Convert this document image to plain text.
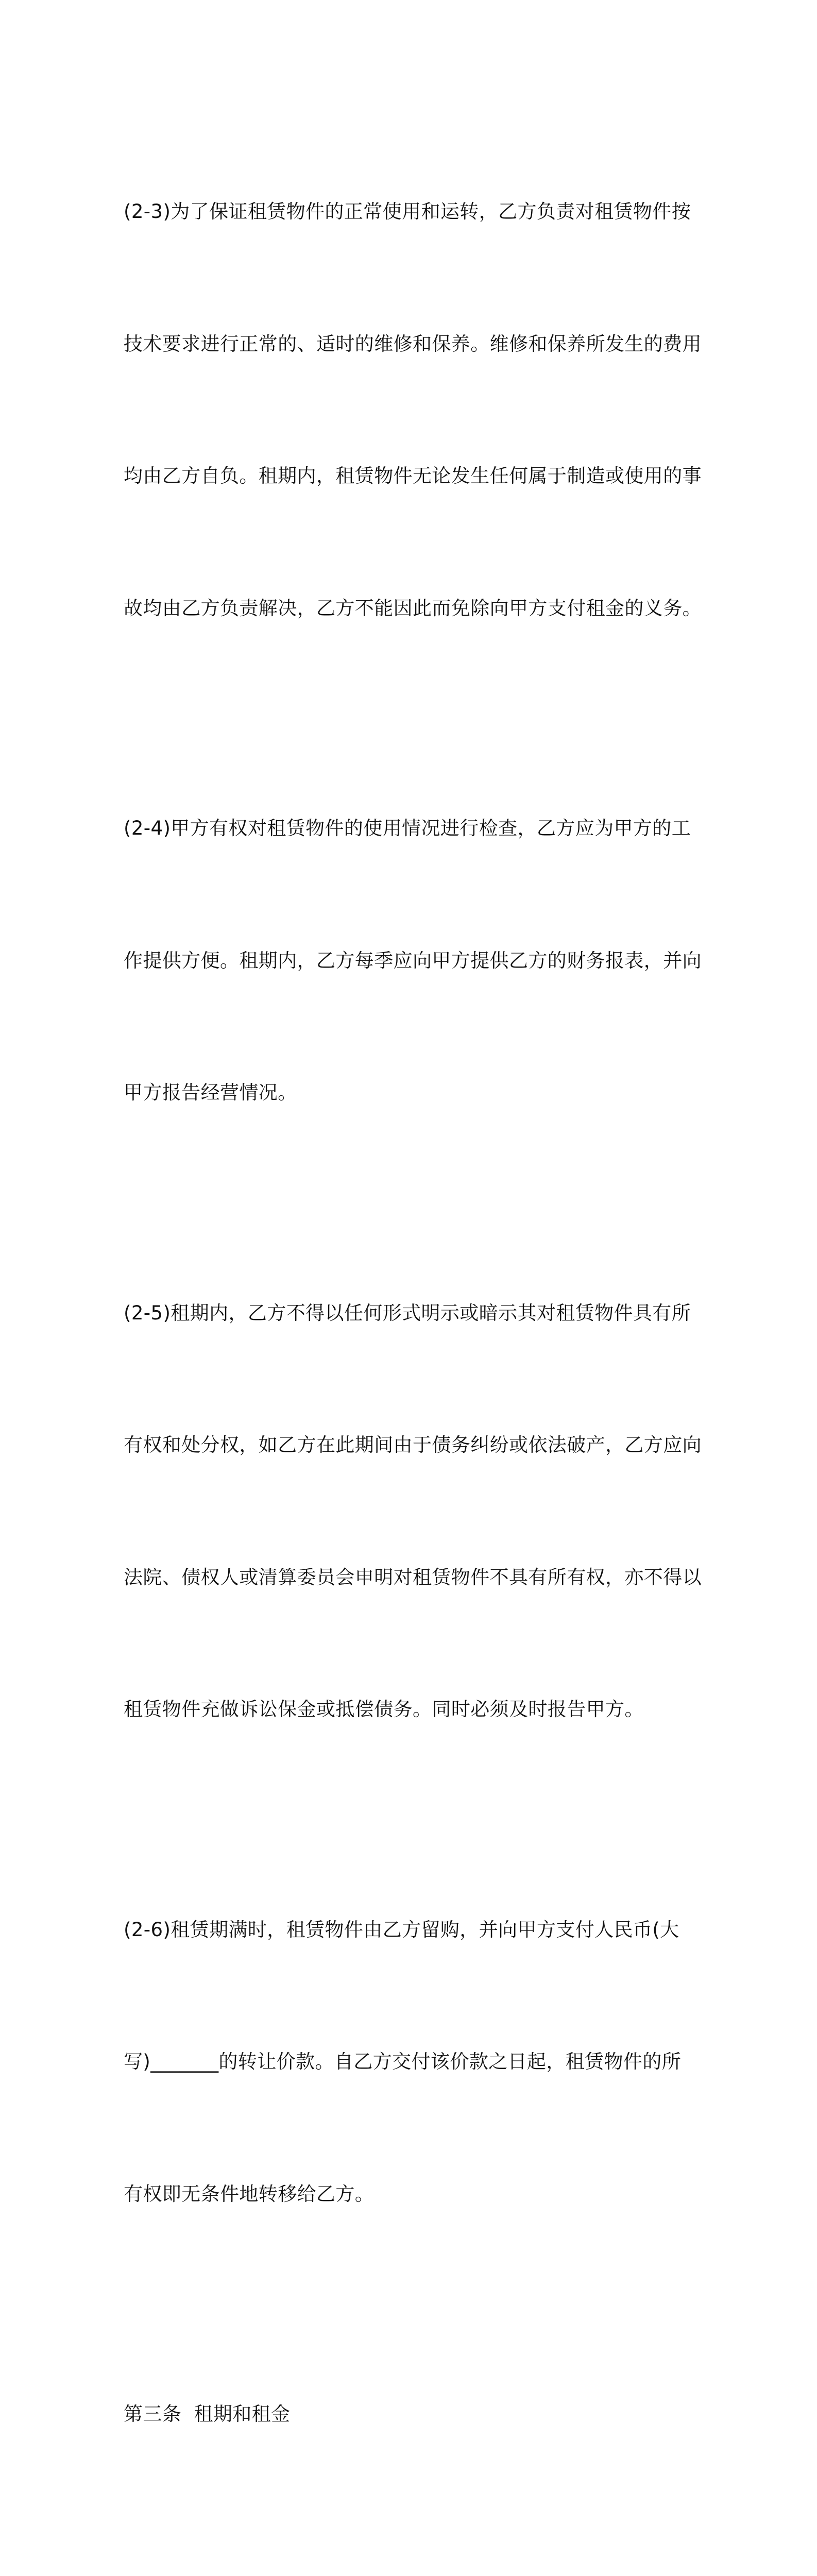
(2-3)为了保证租赁物件的正常使用和运转，乙方负责对租赁物件按

技术要求进行正常的、适时的维修和保养。维修和保养所发生的费用

均由乙方自负。租期内，租赁物件无论发生任何属于制造或使用的事

故均由乙方负责解决，乙方不能因此而免除向甲方支付租金的义务。

(2-4)甲方有权对租赁物件的使用情况进行检查，乙方应为甲方的工

作提供方便。租期内，乙方每季应向甲方提供乙方的财务报表，并向

甲方报告经营情况。

(2-5)租期内，乙方不得以任何形式明示或暗示其对租赁物件具有所

有权和处分权，如乙方在此期间由于债务纠纷或依法破产，乙方应向

法院、债权人或清算委员会申明对租赁物件不具有所有权，亦不得以

租赁物件充做诉讼保金或抵偿债务。同时必须及时报告甲方。

(2-6)租赁期满时，租赁物件由乙方留购，并向甲方支付人民币(大

写)_______的转让价款。自乙方交付该价款之日起，租赁物件的所

有权即无条件地转移给乙方。

第三条  租期和租金
